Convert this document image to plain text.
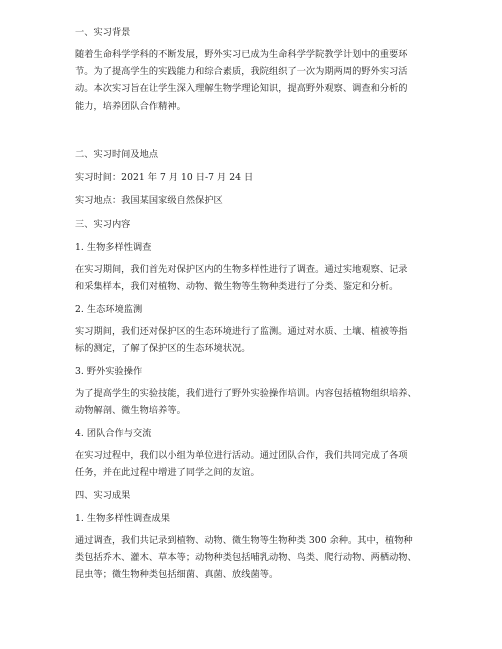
一、实习背景
随着生命科学学科的不断发展，野外实习已成为生命科学学院教学计划中的重要环
节。为了提高学生的实践能力和综合素质，我院组织了一次为期两周的野外实习活
动。本次实习旨在让学生深入理解生物学理论知识，提高野外观察、调查和分析的
能力，培养团队合作精神。
二、实习时间及地点
实习时间：2021 年 7 月 10 日-7 月 24 日
实习地点：我国某国家级自然保护区
三、实习内容
1. 生物多样性调查
在实习期间，我们首先对保护区内的生物多样性进行了调查。通过实地观察、记录
和采集样本，我们对植物、动物、微生物等生物种类进行了分类、鉴定和分析。
2. 生态环境监测
实习期间，我们还对保护区的生态环境进行了监测。通过对水质、土壤、植被等指
标的测定，了解了保护区的生态环境状况。
3. 野外实验操作
为了提高学生的实验技能，我们进行了野外实验操作培训。内容包括植物组织培养、
动物解剖、微生物培养等。
4. 团队合作与交流
在实习过程中，我们以小组为单位进行活动。通过团队合作，我们共同完成了各项
任务，并在此过程中增进了同学之间的友谊。
四、实习成果
1. 生物多样性调查成果
通过调查，我们共记录到植物、动物、微生物等生物种类 300 余种。其中，植物种
类包括乔木、灌木、草本等；动物种类包括哺乳动物、鸟类、爬行动物、两栖动物、
昆虫等；微生物种类包括细菌、真菌、放线菌等。
